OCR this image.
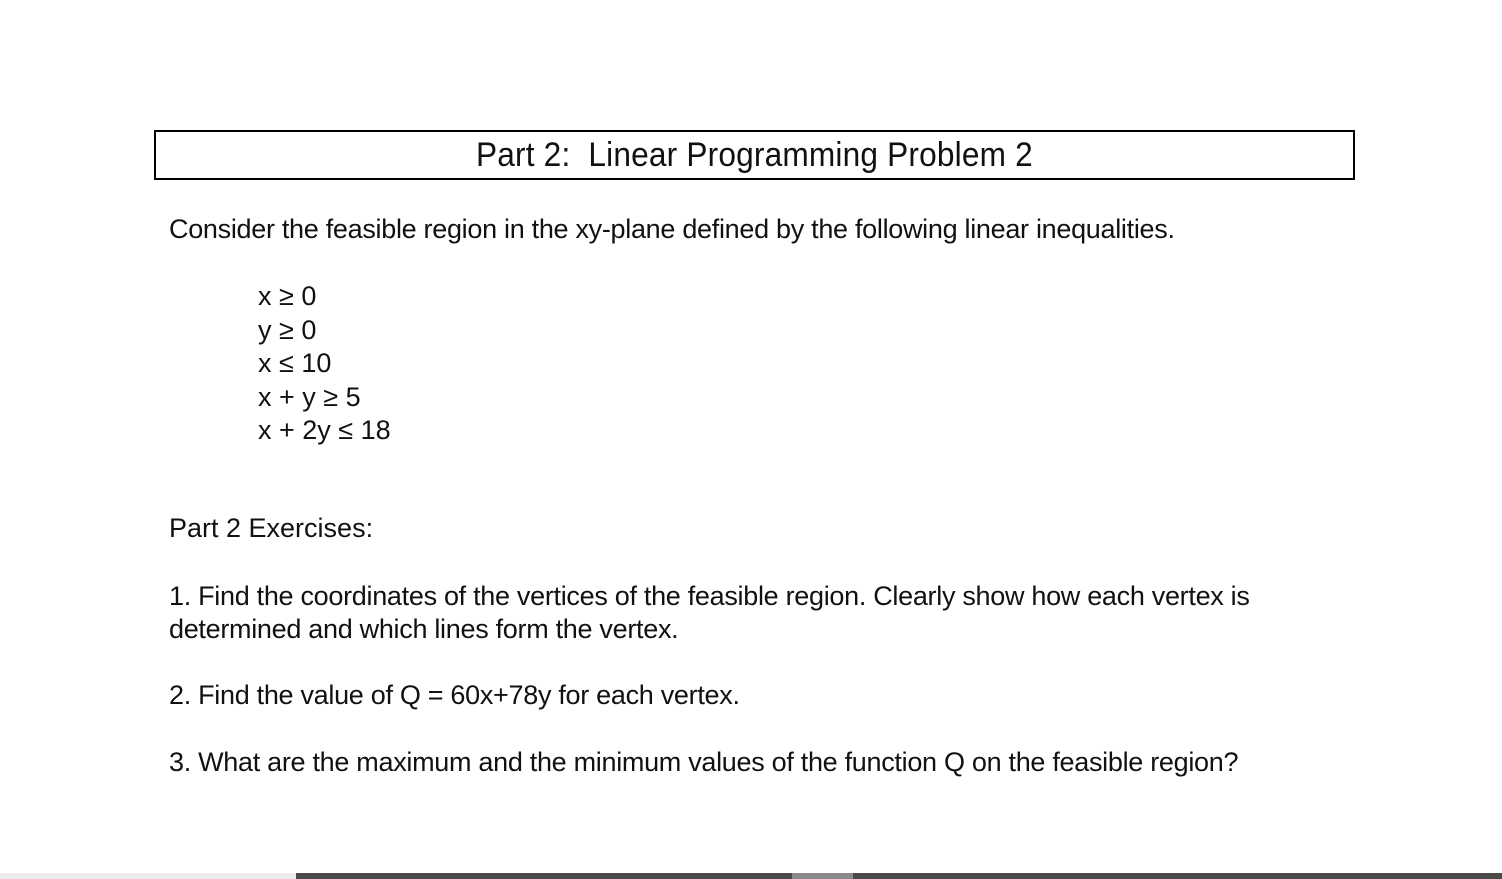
Part 2:  Linear Programming Problem 2
Consider the feasible region in the xy-plane defined by the following linear inequalities.
x ≥ 0
y ≥ 0
x ≤ 10
x + y ≥ 5
x + 2y ≤ 18
Part 2 Exercises:
1. Find the coordinates of the vertices of the feasible region. Clearly show how each vertex is determined and which lines form the vertex.
2. Find the value of Q = 60x+78y for each vertex.
3. What are the maximum and the minimum values of the function Q on the feasible region?
